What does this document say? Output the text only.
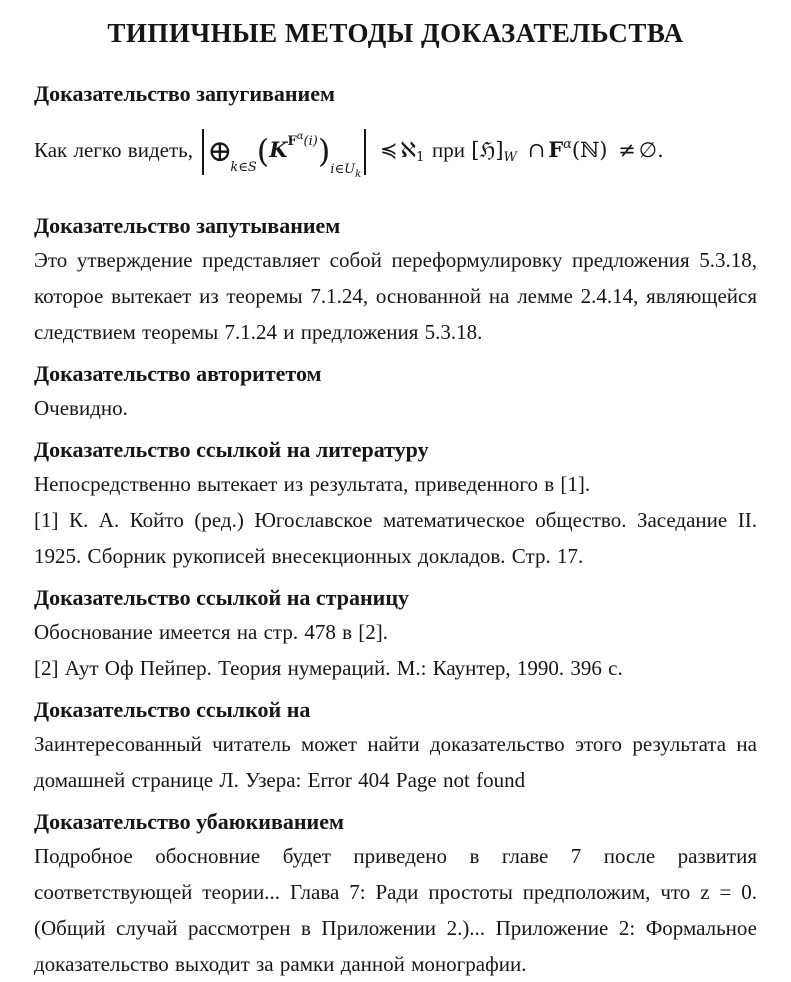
ТИПИЧНЫЕ МЕТОДЫ ДОКАЗАТЕЛЬСТВА
Доказательство запугиванием

Как легко видеть, $\oplus_{k\in S}(K^{F^\alpha(i)})_{i\in U_k}$ ≼ ℵ$_1$ при $[ℌ]_W$ ∩ $F^\alpha(ℕ)$ ≠ ∅.

Доказательство запутыванием

Это утверждение представляет собой переформулировку предложения 5.3.18, которое вытекает из теоремы 7.1.24, основанной на лемме 2.4.14, являющейся следствием теоремы 7.1.24 и предложения 5.3.18.

Доказательство авторитетом

Очевидно.

Доказательство ссылкой на литературу

Непосредственно вытекает из результата, приведенного в [1].

[1] К. А. Който (ред.) Югославское математическое общество. Заседание II. 1925. Сборник рукописей внесекционных докладов. Стр. 17.

Доказательство ссылкой на страницу

Обоснование имеется на стр. 478 в [2].

[2] Аут Оф Пейпер. Теория нумераций. М.: Каунтер, 1990. 396 с.

Доказательство ссылкой на

Заинтересованный читатель может найти доказательство этого результата на домашней странице Л. Узера: Error 404 Page not found

Доказательство убаюкиванием

Подробное обосновние будет приведено в главе 7 после развития соответствующей теории... Глава 7: Ради простоты предположим, что z = 0. (Общий случай рассмотрен в Приложении 2.)... Приложение 2: Формальное доказательство выходит за рамки данной монографии.
